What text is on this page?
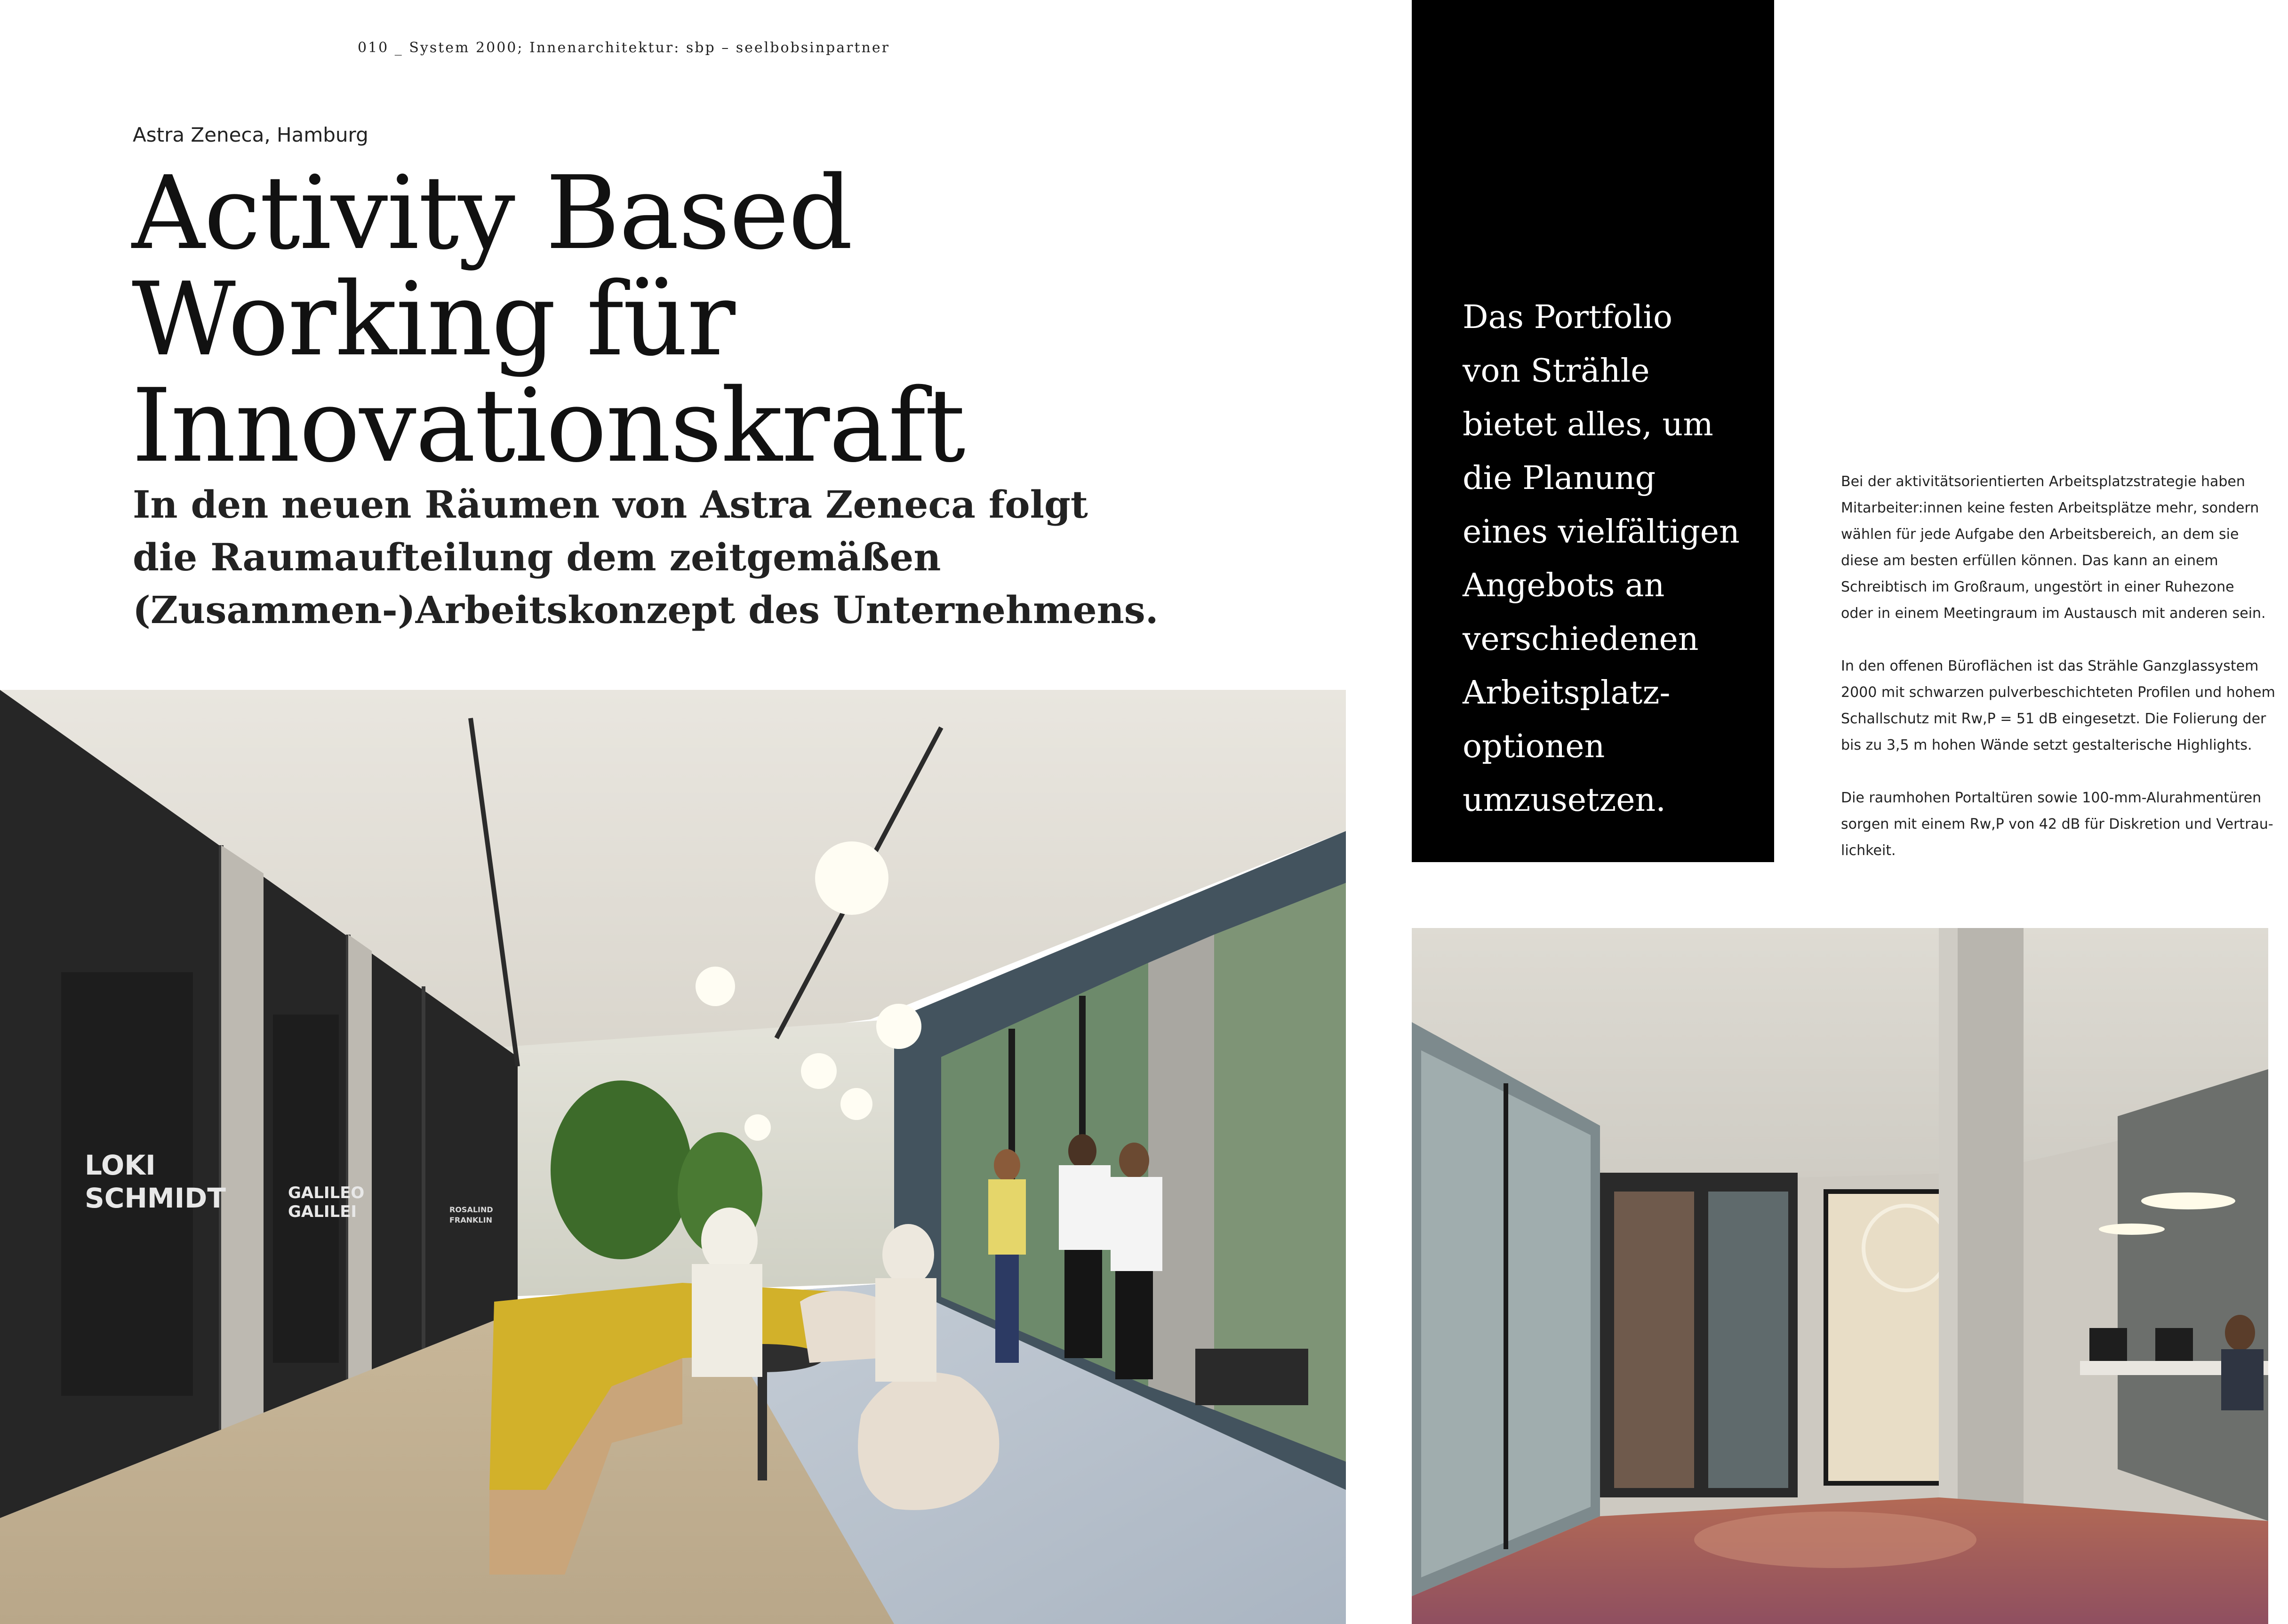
010 _ System 2000; Innenarchitektur: sbp – seelbobsinpartner
Astra Zeneca, Hamburg
Activity Based
Working für
Innovationskraft
In den neuen Räumen von Astra Zeneca folgt
die Raumaufteilung dem zeitgemäßen
(Zusammen-)Arbeitskonzept des Unternehmens.
LOKI
SCHMIDT	GALILEO
GALILEI	ROSALIND
FRANKLIN
Das Portfolio
von Strähle
bietet alles, um
die Planung
eines vielfältigen
Angebots an
verschiedenen
Arbeitsplatz-
optionen
umzusetzen.

Bei der aktivitätsorientierten Arbeitsplatzstrategie haben
Mitarbeiter:innen keine festen Arbeitsplätze mehr, sondern
wählen für jede Aufgabe den Arbeitsbereich, an dem sie
diese am besten erfüllen können. Das kann an einem
Schreibtisch im Großraum, ungestört in einer Ruhezone
oder in einem Meetingraum im Austausch mit anderen sein.

In den offenen Büroflächen ist das Strähle Ganzglassystem
2000 mit schwarzen pulverbeschichteten Profilen und hohem
Schallschutz mit Rw,P = 51 dB eingesetzt. Die Folierung der
bis zu 3,5 m hohen Wände setzt gestalterische Highlights.

Die raumhohen Portaltüren sowie 100-mm-Alurahmentüren
sorgen mit einem Rw,P von 42 dB für Diskretion und Vertrau-
lichkeit.
